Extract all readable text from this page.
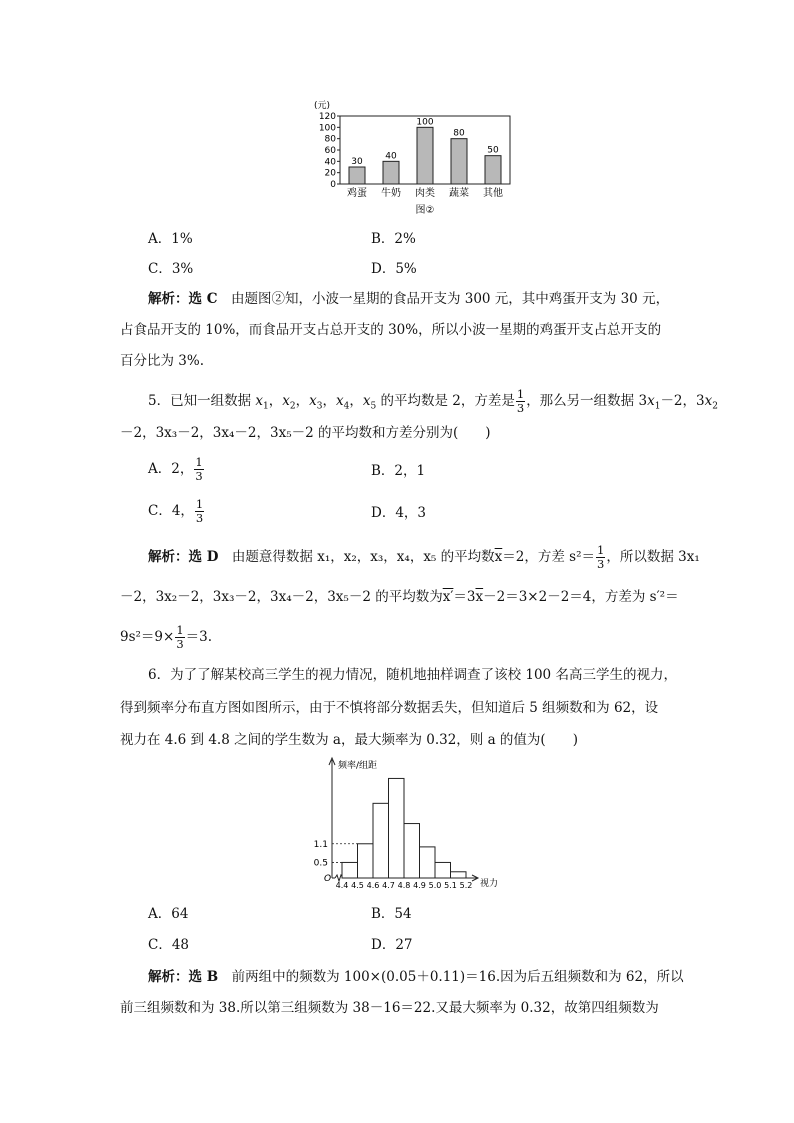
(元)
0
20
40
60
80
100
120
30
鸡蛋
40
牛奶
100
肉类
80
蔬菜
50
其他
图②
A．1%	B．2%
C．3%	D．5%
解析：选 C　 由题图②知，小波一星期的食品开支为 300 元，其中鸡蛋开支为 30 元，
占食品开支的 10%，而食品开支占总开支的 30%，所以小波一星期的鸡蛋开支占总开支的
百分比为 3%.
5．已知一组数据 $x_1$，$x_2$，$x_3$，$x_4$，$x_5$ 的平均数是 2，方差是 $\frac{1}{3}$ ，那么另一组数据 $3x_1-2$，$3x_2$
－2，3x₃－2，3x₄－2，3x₅－2 的平均数和方差分别为(　　)
A．2， $\frac{1}{3}$	B．2，1
C．4， $\frac{1}{3}$	D．4，3
解析：选 D　 由题意得数据 x₁，x₂，x₃，x₄，x₅ 的平均数$\overline{x}=2$，方差 $s^2= \frac{1}{3}$ ，所以数据 3x₁
－2，3x₂－2，3x₃－2，3x₄－2，3x₅－2 的平均数为$x'=3\overline{x}-2=3\times 2-2=4$，方差为 s′²＝
$9s^2=9\times \frac{1}{3} =3$.
6．为了了解某校高三学生的视力情况，随机地抽样调查了该校 100 名高三学生的视力，
得到频率分布直方图如图所示，由于不慎将部分数据丢失，但知道后 5 组频数和为 62，设
视力在 4.6 到 4.8 之间的学生数为 a，最大频率为 0.32，则 a 的值为(　　)
频率/组距
视力
O
0.5
1.1
4.4 4.5 4.6 4.7 4.8 4.9 5.0 5.1 5.2
A．64	B．54
C．48	D．27
解析：选 B　 前两组中的频数为 100×(0.05＋0.11)＝16.因为后五组频数和为 62，所以
前三组频数和为 38.所以第三组频数为 38－16＝22.又最大频率为 0.32，故第四组频数为
